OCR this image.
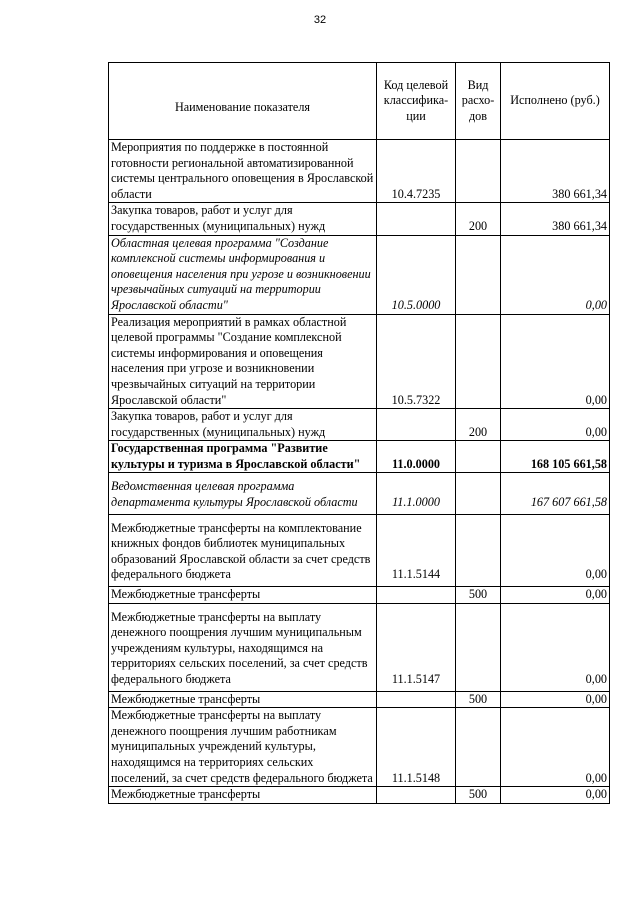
32
Наименование показателя	Код целевой классифика-ции	Вид расхо-дов	Исполнено (руб.)
Мероприятия по поддержке в постоянной готовности региональной автоматизированной системы центрального оповещения в Ярославской области	10.4.7235		380 661,34
Закупка товаров, работ и услуг для государственных (муниципальных) нужд		200	380 661,34
Областная целевая программа "Создание комплексной системы информирования и оповещения населения при угрозе и возникновении чрезвычайных ситуаций на территории Ярославской области"	10.5.0000		0,00
Реализация мероприятий в рамках областной целевой программы "Создание комплексной системы информирования и оповещения населения при угрозе и возникновении чрезвычайных ситуаций на территории Ярославской области"	10.5.7322		0,00
Закупка товаров, работ и услуг для государственных (муниципальных) нужд		200	0,00
Государственная программа "Развитие культуры и туризма в Ярославской области"	11.0.0000		168 105 661,58
Ведомственная целевая программа департамента культуры Ярославской области	11.1.0000		167 607 661,58
Межбюджетные трансферты на комплектование книжных фондов библиотек муниципальных образований Ярославской области за счет средств федерального бюджета	11.1.5144		0,00
Межбюджетные трансферты		500	0,00
Межбюджетные трансферты на выплату денежного поощрения лучшим муниципальным учреждениям культуры, находящимся на территориях сельских поселений, за счет средств федерального бюджета	11.1.5147		0,00
Межбюджетные трансферты		500	0,00
Межбюджетные трансферты на выплату денежного поощрения лучшим работникам муниципальных учреждений культуры, находящимся на территориях сельских поселений, за счет средств федерального бюджета	11.1.5148		0,00
Межбюджетные трансферты		500	0,00
